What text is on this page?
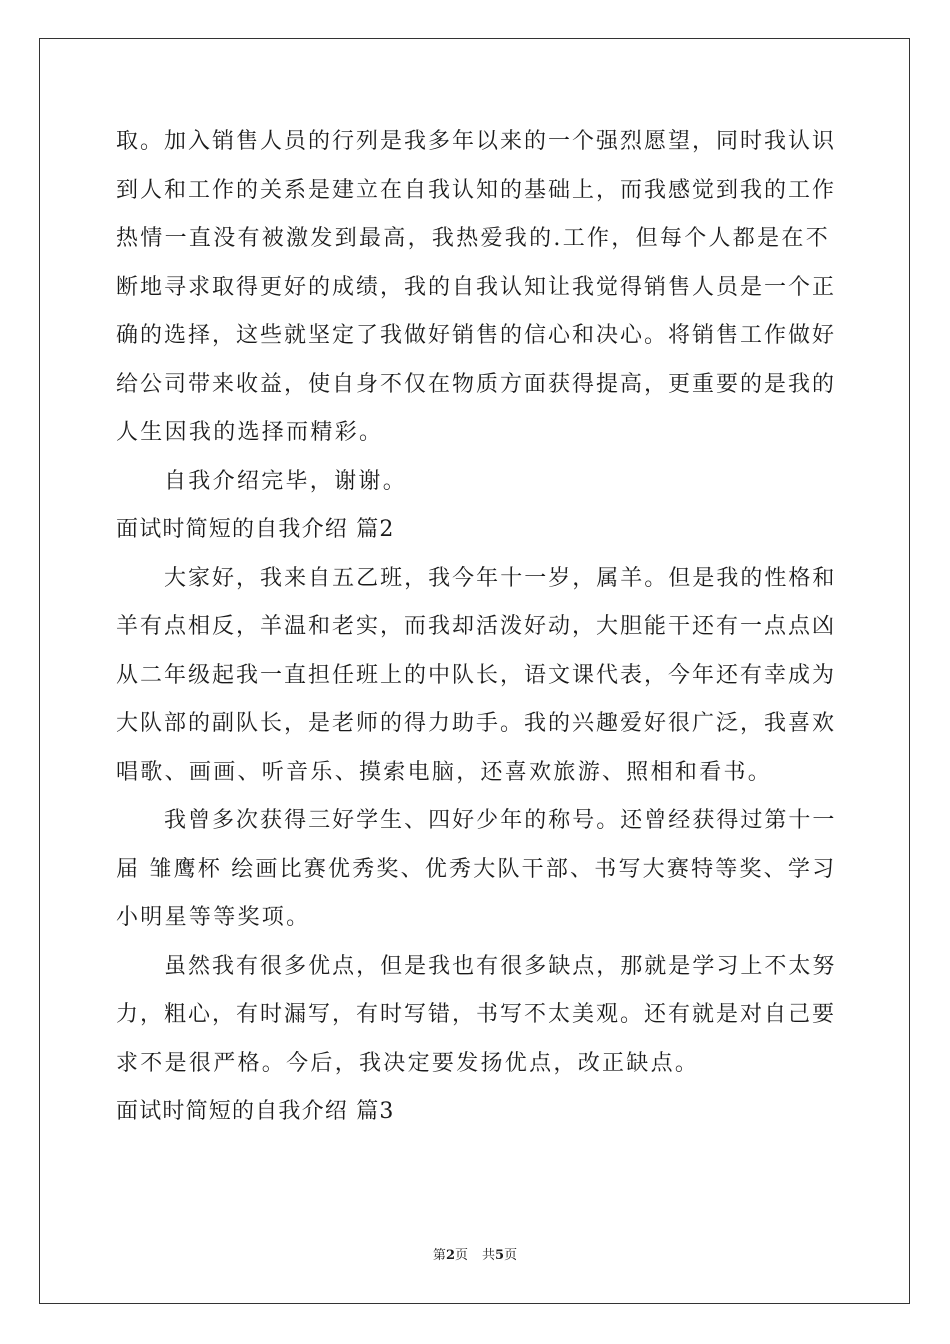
取。加入销售人员的行列是我多年以来的一个强烈愿望，同时我认识
到人和工作的关系是建立在自我认知的基础上，而我感觉到我的工作
热情一直没有被激发到最高，我热爱我的.工作，但每个人都是在不
断地寻求取得更好的成绩，我的自我认知让我觉得销售人员是一个正
确的选择，这些就坚定了我做好销售的信心和决心。将销售工作做好
给公司带来收益，使自身不仅在物质方面获得提高，更重要的是我的
人生因我的选择而精彩。
自我介绍完毕，谢谢。
面试时简短的自我介绍 篇2
大家好，我来自五乙班，我今年十一岁，属羊。但是我的性格和
羊有点相反，羊温和老实，而我却活泼好动，大胆能干还有一点点凶
从二年级起我一直担任班上的中队长，语文课代表，今年还有幸成为
大队部的副队长，是老师的得力助手。我的兴趣爱好很广泛，我喜欢
唱歌、画画、听音乐、摸索电脑，还喜欢旅游、照相和看书。
我曾多次获得三好学生、四好少年的称号。还曾经获得过第十一
届 雏鹰杯 绘画比赛优秀奖、优秀大队干部、书写大赛特等奖、学习
小明星等等奖项。
虽然我有很多优点，但是我也有很多缺点，那就是学习上不太努
力，粗心，有时漏写，有时写错，书写不太美观。还有就是对自己要
求不是很严格。今后，我决定要发扬优点，改正缺点。
面试时简短的自我介绍 篇3
第2页 共5页
